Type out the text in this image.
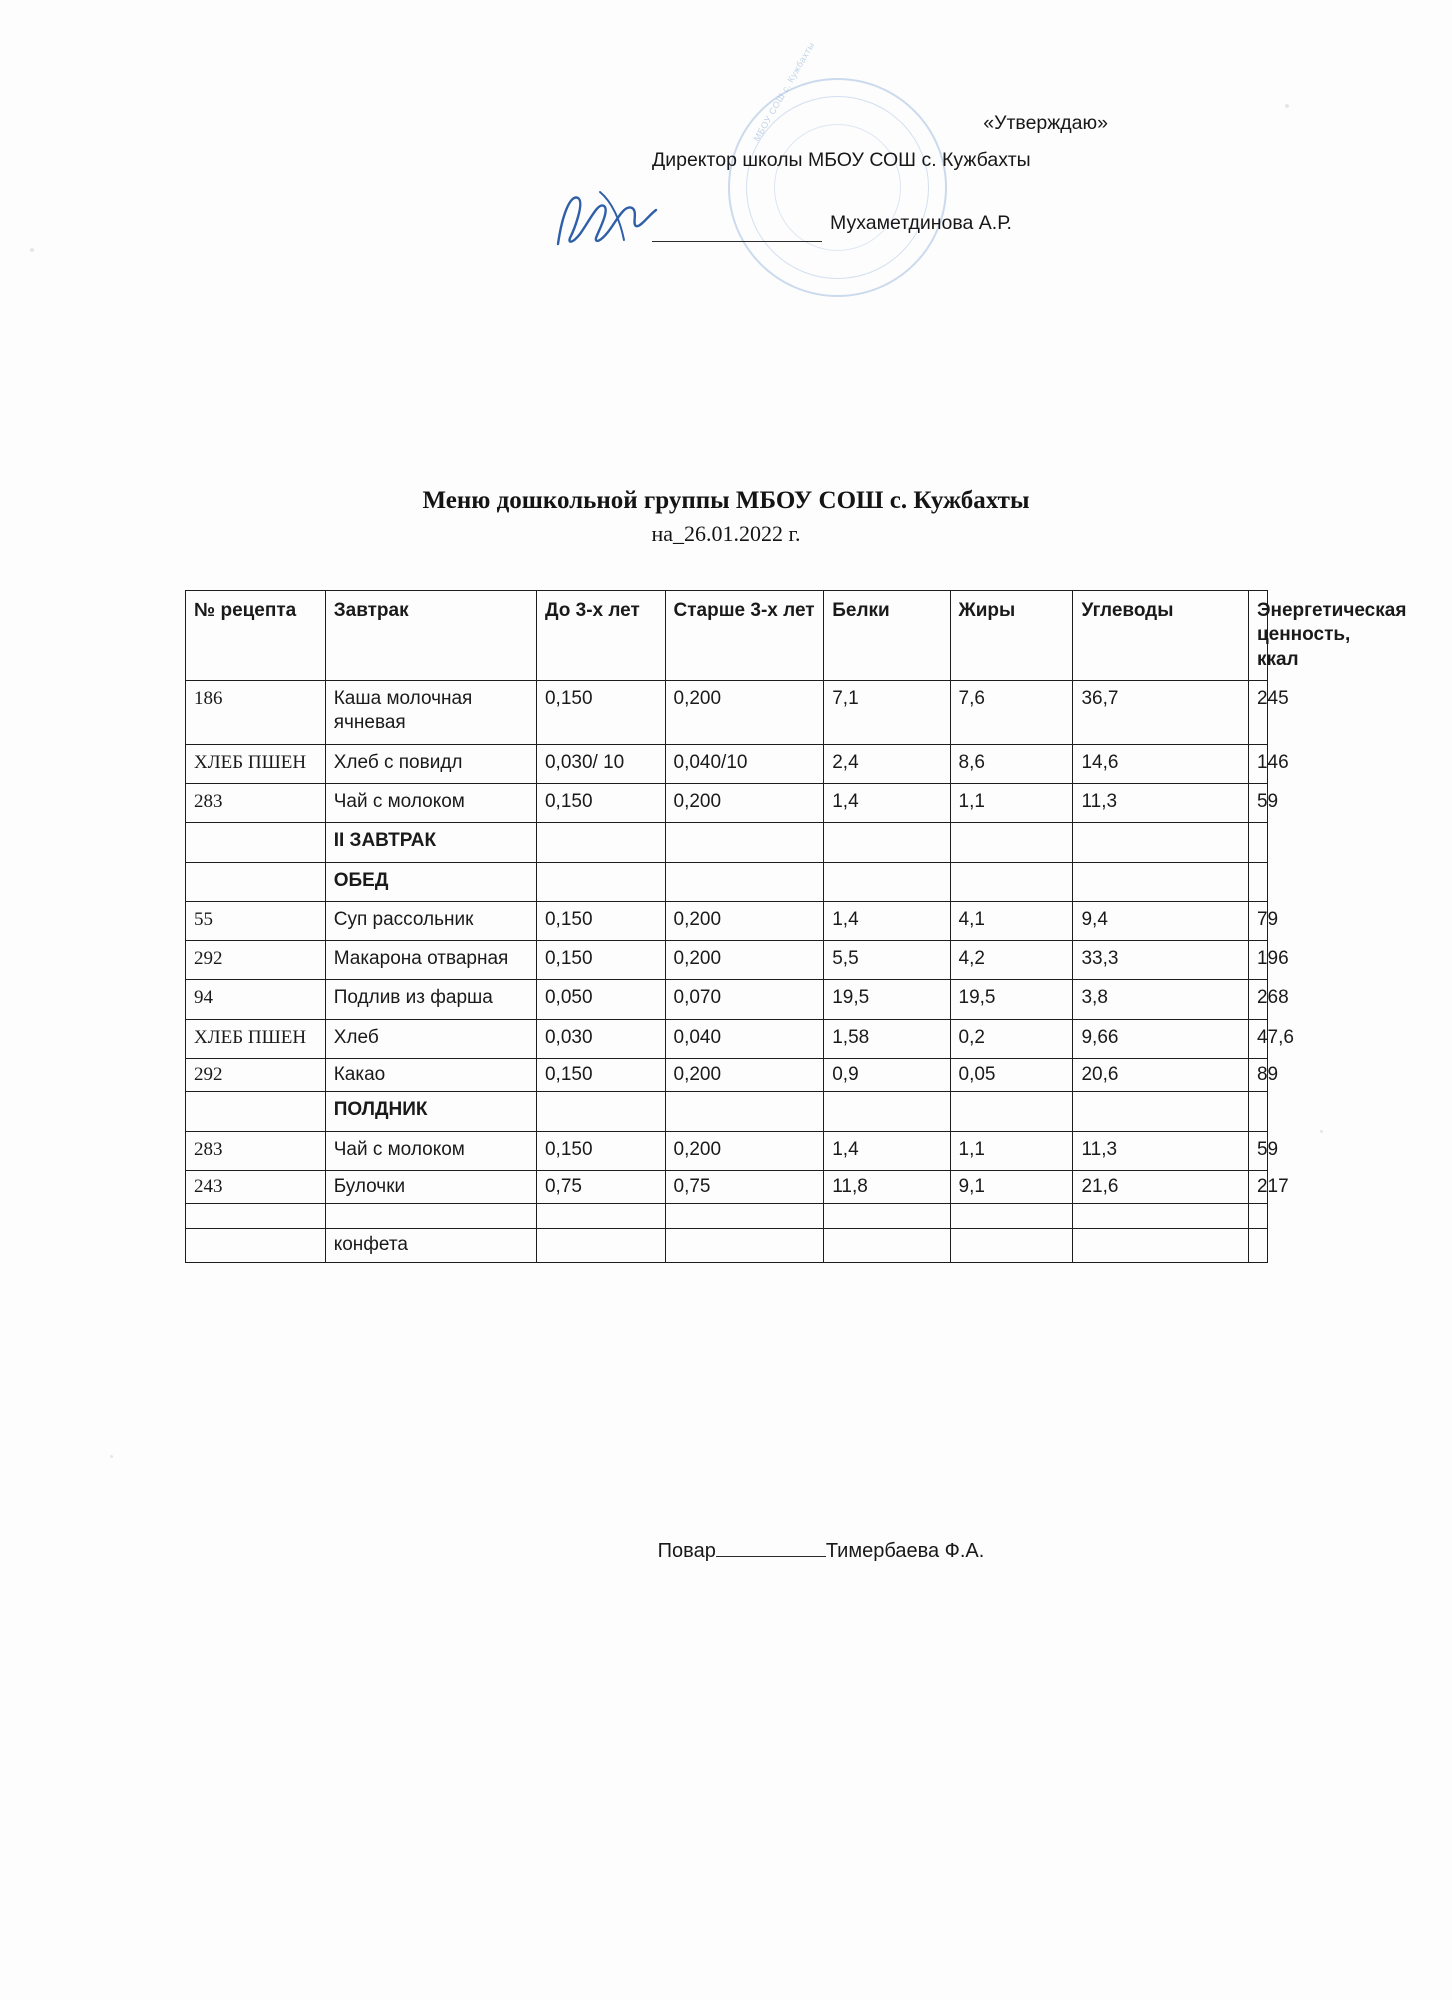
МБОУ СОШ с. Кужбахты	«Утверждаю»
Директор школы МБОУ СОШ с. Кужбахты
Мухаметдинова А.Р.
Меню дошкольной группы МБОУ СОШ с. Кужбахты
на_26.01.2022 г.
№ рецепта	Завтрак	До 3-х лет	Старше 3-х лет	Белки	Жиры	Углеводы	Энергетическая ценность, ккал
186	Каша молочная ячневая	0,150	0,200	7,1	7,6	36,7	245
ХЛЕБ ПШЕН	Хлеб с повидл	0,030/ 10	0,040/10	2,4	8,6	14,6	146
283	Чай с молоком	0,150	0,200	1,4	1,1	11,3	59
	II ЗАВТРАК						
	ОБЕД						
55	Суп рассольник	0,150	0,200	1,4	4,1	9,4	79
292	Макарона отварная	0,150	0,200	5,5	4,2	33,3	196
94	Подлив из фарша	0,050	0,070	19,5	19,5	3,8	268
ХЛЕБ ПШЕН	Хлеб	0,030	0,040	1,58	0,2	9,66	47,6
292	Какао	0,150	0,200	0,9	0,05	20,6	89
	ПОЛДНИК						
283	Чай с молоком	0,150	0,200	1,4	1,1	11,3	59
243	Булочки	0,75	0,75	11,8	9,1	21,6	217

	конфета						
Повар	Тимербаева Ф.А.
